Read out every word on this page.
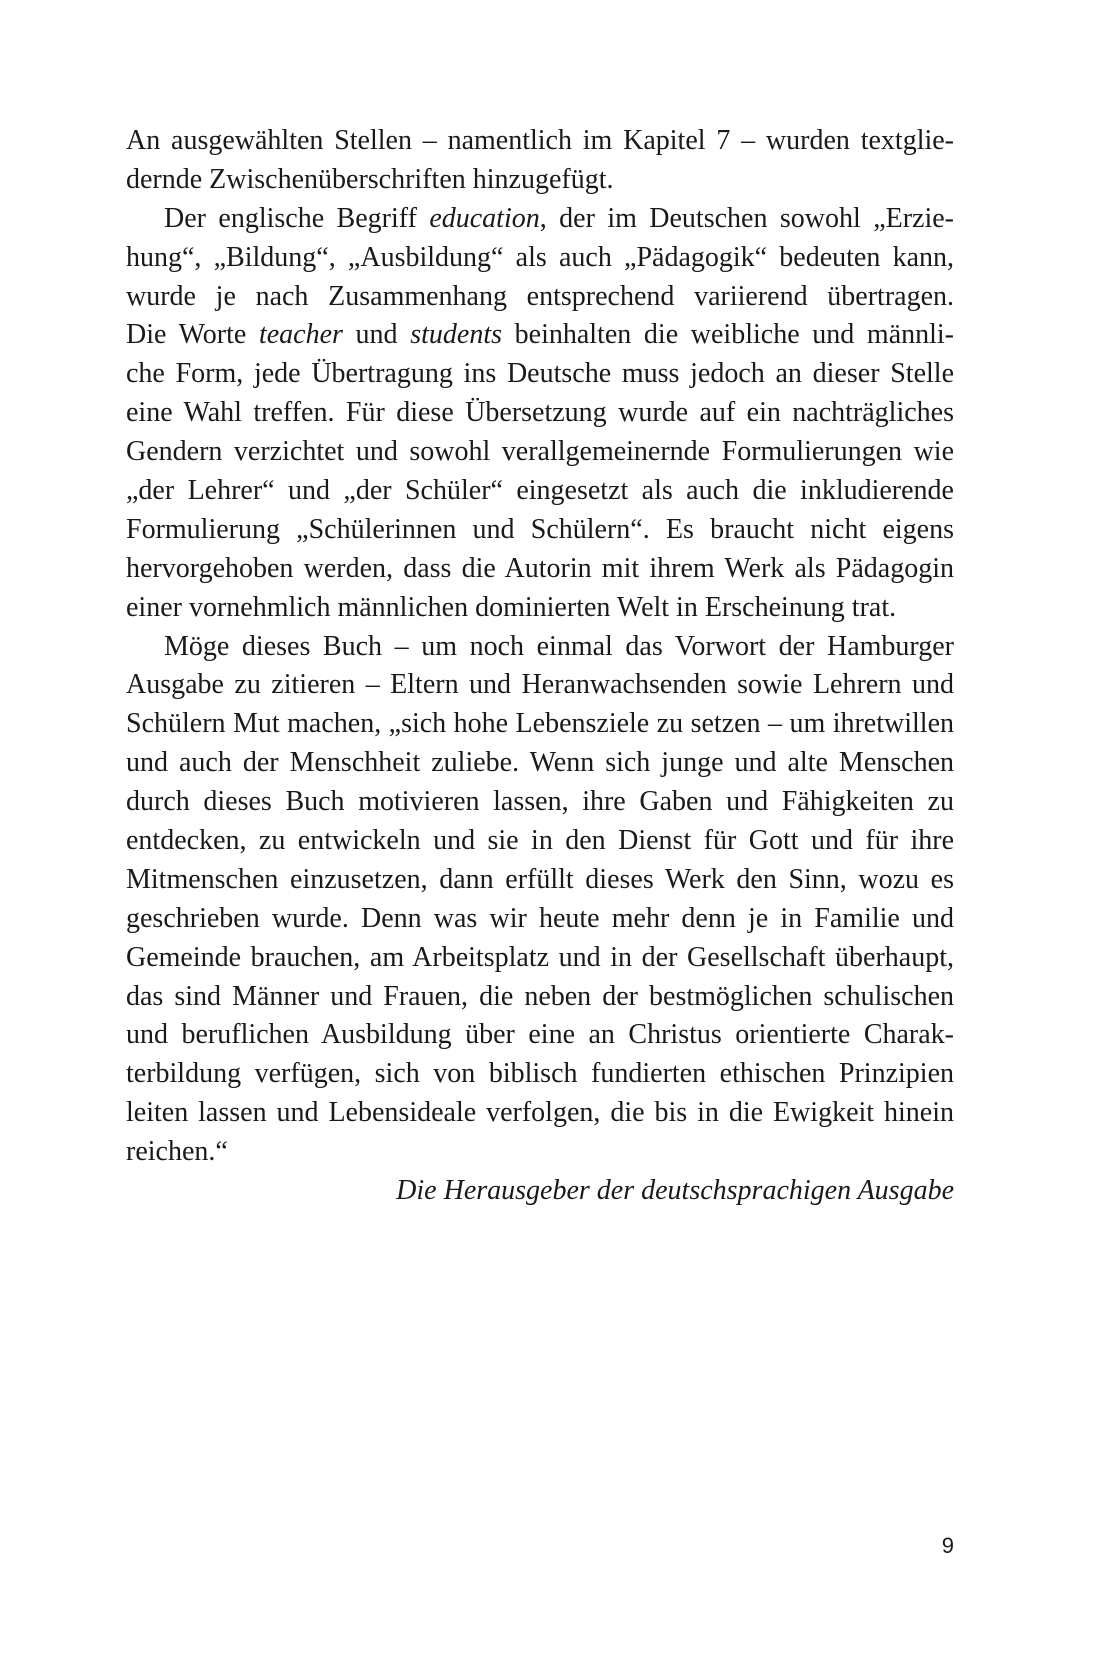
An ausgewählten Stellen – namentlich im Kapitel 7 – wurden textglie-
dernde Zwischenüberschriften hinzugefügt.
Der englische Begriff education, der im Deutschen sowohl „Erzie-
hung“, „Bildung“, „Ausbildung“ als auch „Pädagogik“ bedeuten kann,
wurde je nach Zusammenhang entsprechend variierend übertragen.
Die Worte teacher und students beinhalten die weibliche und männli-
che Form, jede Übertragung ins Deutsche muss jedoch an dieser Stelle
eine Wahl treffen. Für diese Übersetzung wurde auf ein nachträgliches
Gendern verzichtet und sowohl verallgemeinernde Formulierungen wie
„der Lehrer“ und „der Schüler“ eingesetzt als auch die inkludierende
Formulierung „Schülerinnen und Schülern“. Es braucht nicht eigens
hervorgehoben werden, dass die Autorin mit ihrem Werk als Pädagogin
einer vornehmlich männlichen dominierten Welt in Erscheinung trat.
Möge dieses Buch – um noch einmal das Vorwort der Hamburger
Ausgabe zu zitieren – Eltern und Heranwachsenden sowie Lehrern und
Schülern Mut machen, „sich hohe Lebensziele zu setzen – um ihretwillen
und auch der Menschheit zuliebe. Wenn sich junge und alte Menschen
durch dieses Buch motivieren lassen, ihre Gaben und Fähigkeiten zu
entdecken, zu entwickeln und sie in den Dienst für Gott und für ihre
Mitmenschen einzusetzen, dann erfüllt dieses Werk den Sinn, wozu es
geschrieben wurde. Denn was wir heute mehr denn je in Familie und
Gemeinde brauchen, am Arbeitsplatz und in der Gesellschaft überhaupt,
das sind Männer und Frauen, die neben der bestmöglichen schulischen
und beruflichen Ausbildung über eine an Christus orientierte Charak-
terbildung verfügen, sich von biblisch fundierten ethischen Prinzipien
leiten lassen und Lebensideale verfolgen, die bis in die Ewigkeit hinein
reichen.“
Die Herausgeber der deutschsprachigen Ausgabe
9
